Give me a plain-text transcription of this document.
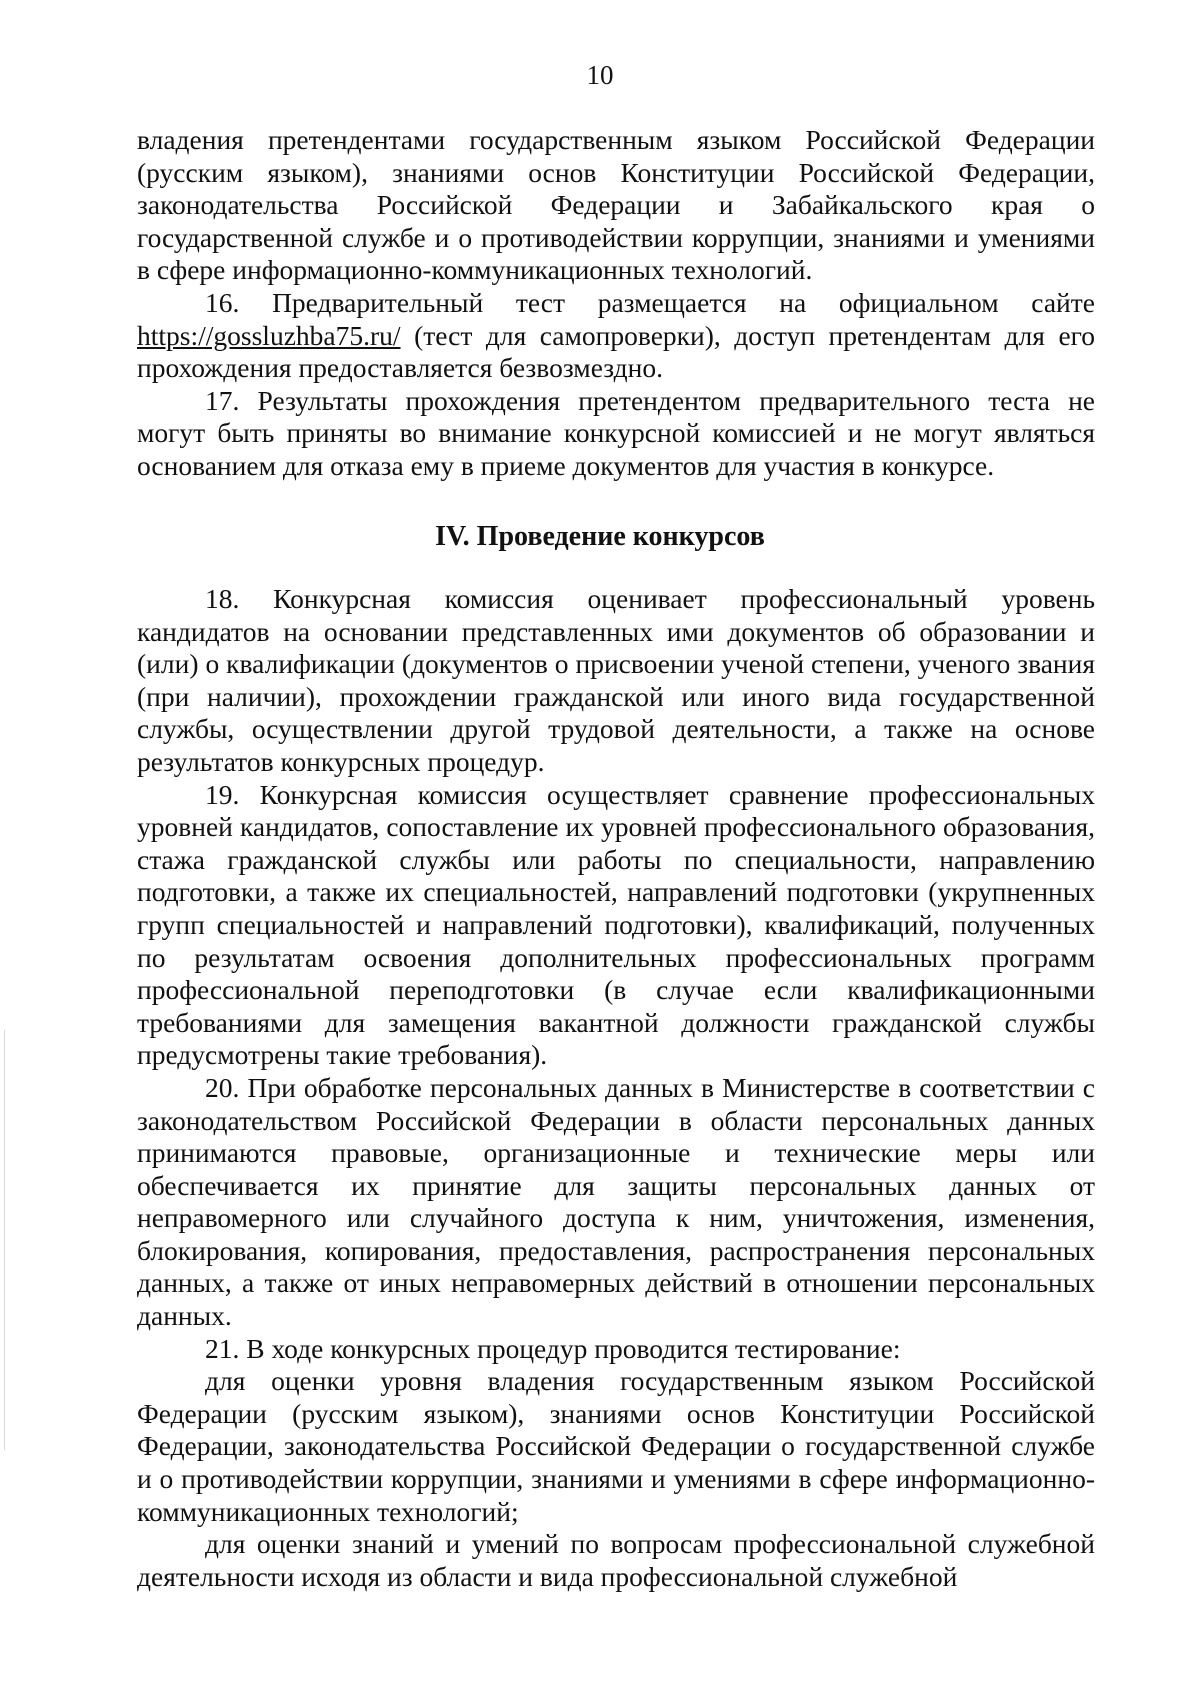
10

владения претендентами государственным языком Российской Федерации (русским языком), знаниями основ Конституции Российской Федерации, законодательства Российской Федерации и Забайкальского края о государственной службе и о противодействии коррупции, знаниями и умениями в сфере информационно-коммуникационных технологий.

16. Предварительный тест размещается на официальном сайте https://gossluzhba75.ru/ (тест для самопроверки), доступ претендентам для его прохождения предоставляется безвозмездно.

17. Результаты прохождения претендентом предварительного теста не могут быть приняты во внимание конкурсной комиссией и не могут являться основанием для отказа ему в приеме документов для участия в конкурсе.

IV. Проведение конкурсов

18. Конкурсная комиссия оценивает профессиональный уровень кандидатов на основании представленных ими документов об образовании и (или) о квалификации (документов о присвоении ученой степени, ученого звания (при наличии), прохождении гражданской или иного вида государственной службы, осуществлении другой трудовой деятельности, а также на основе результатов конкурсных процедур.

19. Конкурсная комиссия осуществляет сравнение профессиональных уровней кандидатов, сопоставление их уровней профессионального образования, стажа гражданской службы или работы по специальности, направлению подготовки, а также их специальностей, направлений подготовки (укрупненных групп специальностей и направлений подготовки), квалификаций, полученных по результатам освоения дополнительных профессиональных программ профессиональной переподготовки (в случае если квалификационными требованиями для замещения вакантной должности гражданской службы предусмотрены такие требования).

20. При обработке персональных данных в Министерстве в соответствии с законодательством Российской Федерации в области персональных данных принимаются правовые, организационные и технические меры или обеспечивается их принятие для защиты персональных данных от неправомерного или случайного доступа к ним, уничтожения, изменения, блокирования, копирования, предоставления, распространения персональных данных, а также от иных неправомерных действий в отношении персональных данных.

21. В ходе конкурсных процедур проводится тестирование:

для оценки уровня владения государственным языком Российской Федерации (русским языком), знаниями основ Конституции Российской Федерации, законодательства Российской Федерации о государственной службе и о противодействии коррупции, знаниями и умениями в сфере информационно-коммуникационных технологий;

для оценки знаний и умений по вопросам профессиональной служебной деятельности исходя из области и вида профессиональной служебной
